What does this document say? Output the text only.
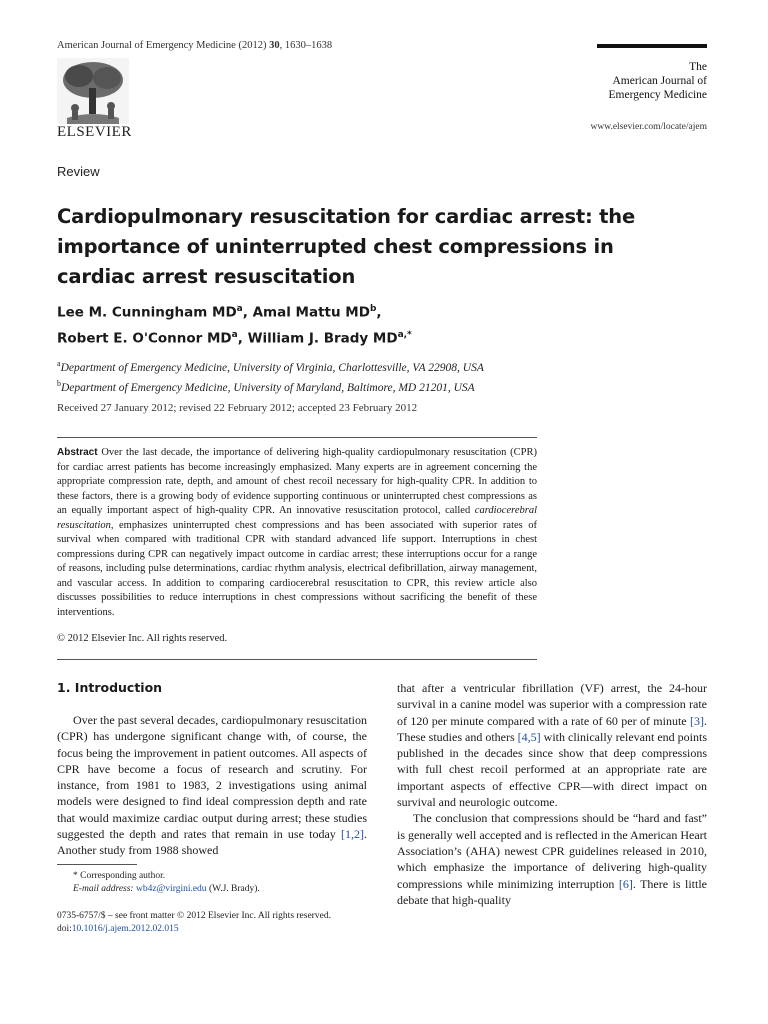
American Journal of Emergency Medicine (2012) 30, 1630–1638
ELSEVIER
The
American Journal of
Emergency Medicine
www.elsevier.com/locate/ajem
Review
Cardiopulmonary resuscitation for cardiac arrest: the importance of uninterrupted chest compressions in cardiac arrest resuscitation
Lee M. Cunningham $MD^a$, Amal Mattu $MD^b$,
Robert E. O'Connor $MD^a$, William J. Brady $MD^{a,*}$
$^a$Department of Emergency Medicine, University of Virginia, Charlottesville, VA 22908, USA
$^b$Department of Emergency Medicine, University of Maryland, Baltimore, MD 21201, USA
Received 27 January 2012; revised 22 February 2012; accepted 23 February 2012
Abstract Over the last decade, the importance of delivering high-quality cardiopulmonary resuscitation (CPR) for cardiac arrest patients has become increasingly emphasized. Many experts are in agreement concerning the appropriate compression rate, depth, and amount of chest recoil necessary for high-quality CPR. In addition to these factors, there is a growing body of evidence supporting continuous or uninterrupted chest compressions as an equally important aspect of high-quality CPR. An innovative resuscitation protocol, called cardiocerebral resuscitation, emphasizes uninterrupted chest compressions and has been associated with superior rates of survival when compared with traditional CPR with standard advanced life support. Interruptions in chest compressions during CPR can negatively impact outcome in cardiac arrest; these interruptions occur for a range of reasons, including pulse determinations, cardiac rhythm analysis, electrical defibrillation, airway management, and vascular access. In addition to comparing cardiocerebral resuscitation to CPR, this review article also discusses possibilities to reduce interruptions in chest compressions without sacrificing the benefit of these interventions.
© 2012 Elsevier Inc. All rights reserved.
1. Introduction

Over the past several decades, cardiopulmonary resuscitation (CPR) has undergone significant change with, of course, the focus being the improvement in patient outcomes. All aspects of CPR have become a focus of research and scrutiny. For instance, from 1981 to 1983, 2 investigations using animal models were designed to find ideal compression depth and rate that would maximize cardiac output during arrest; these studies suggested the depth and rates that remain in use today [1,2]. Another study from 1988 showed

* Corresponding author.
E-mail address: wb4z@virgini.edu (W.J. Brady).
0735-6757/$ – see front matter © 2012 Elsevier Inc. All rights reserved.
doi:10.1016/j.ajem.2012.02.015

that after a ventricular fibrillation (VF) arrest, the 24-hour survival in a canine model was superior with a compression rate of 120 per minute compared with a rate of 60 per of minute [3]. These studies and others [4,5] with clinically relevant end points published in the decades since show that deep compressions with full chest recoil performed at an appropriate rate are important aspects of effective CPR—with direct impact on survival and neurologic outcome.

The conclusion that compressions should be “hard and fast” is generally well accepted and is reflected in the American Heart Association’s (AHA) newest CPR guidelines released in 2010, which emphasize the importance of delivering high-quality compressions while minimizing interruption [6]. There is little debate that high-quality
